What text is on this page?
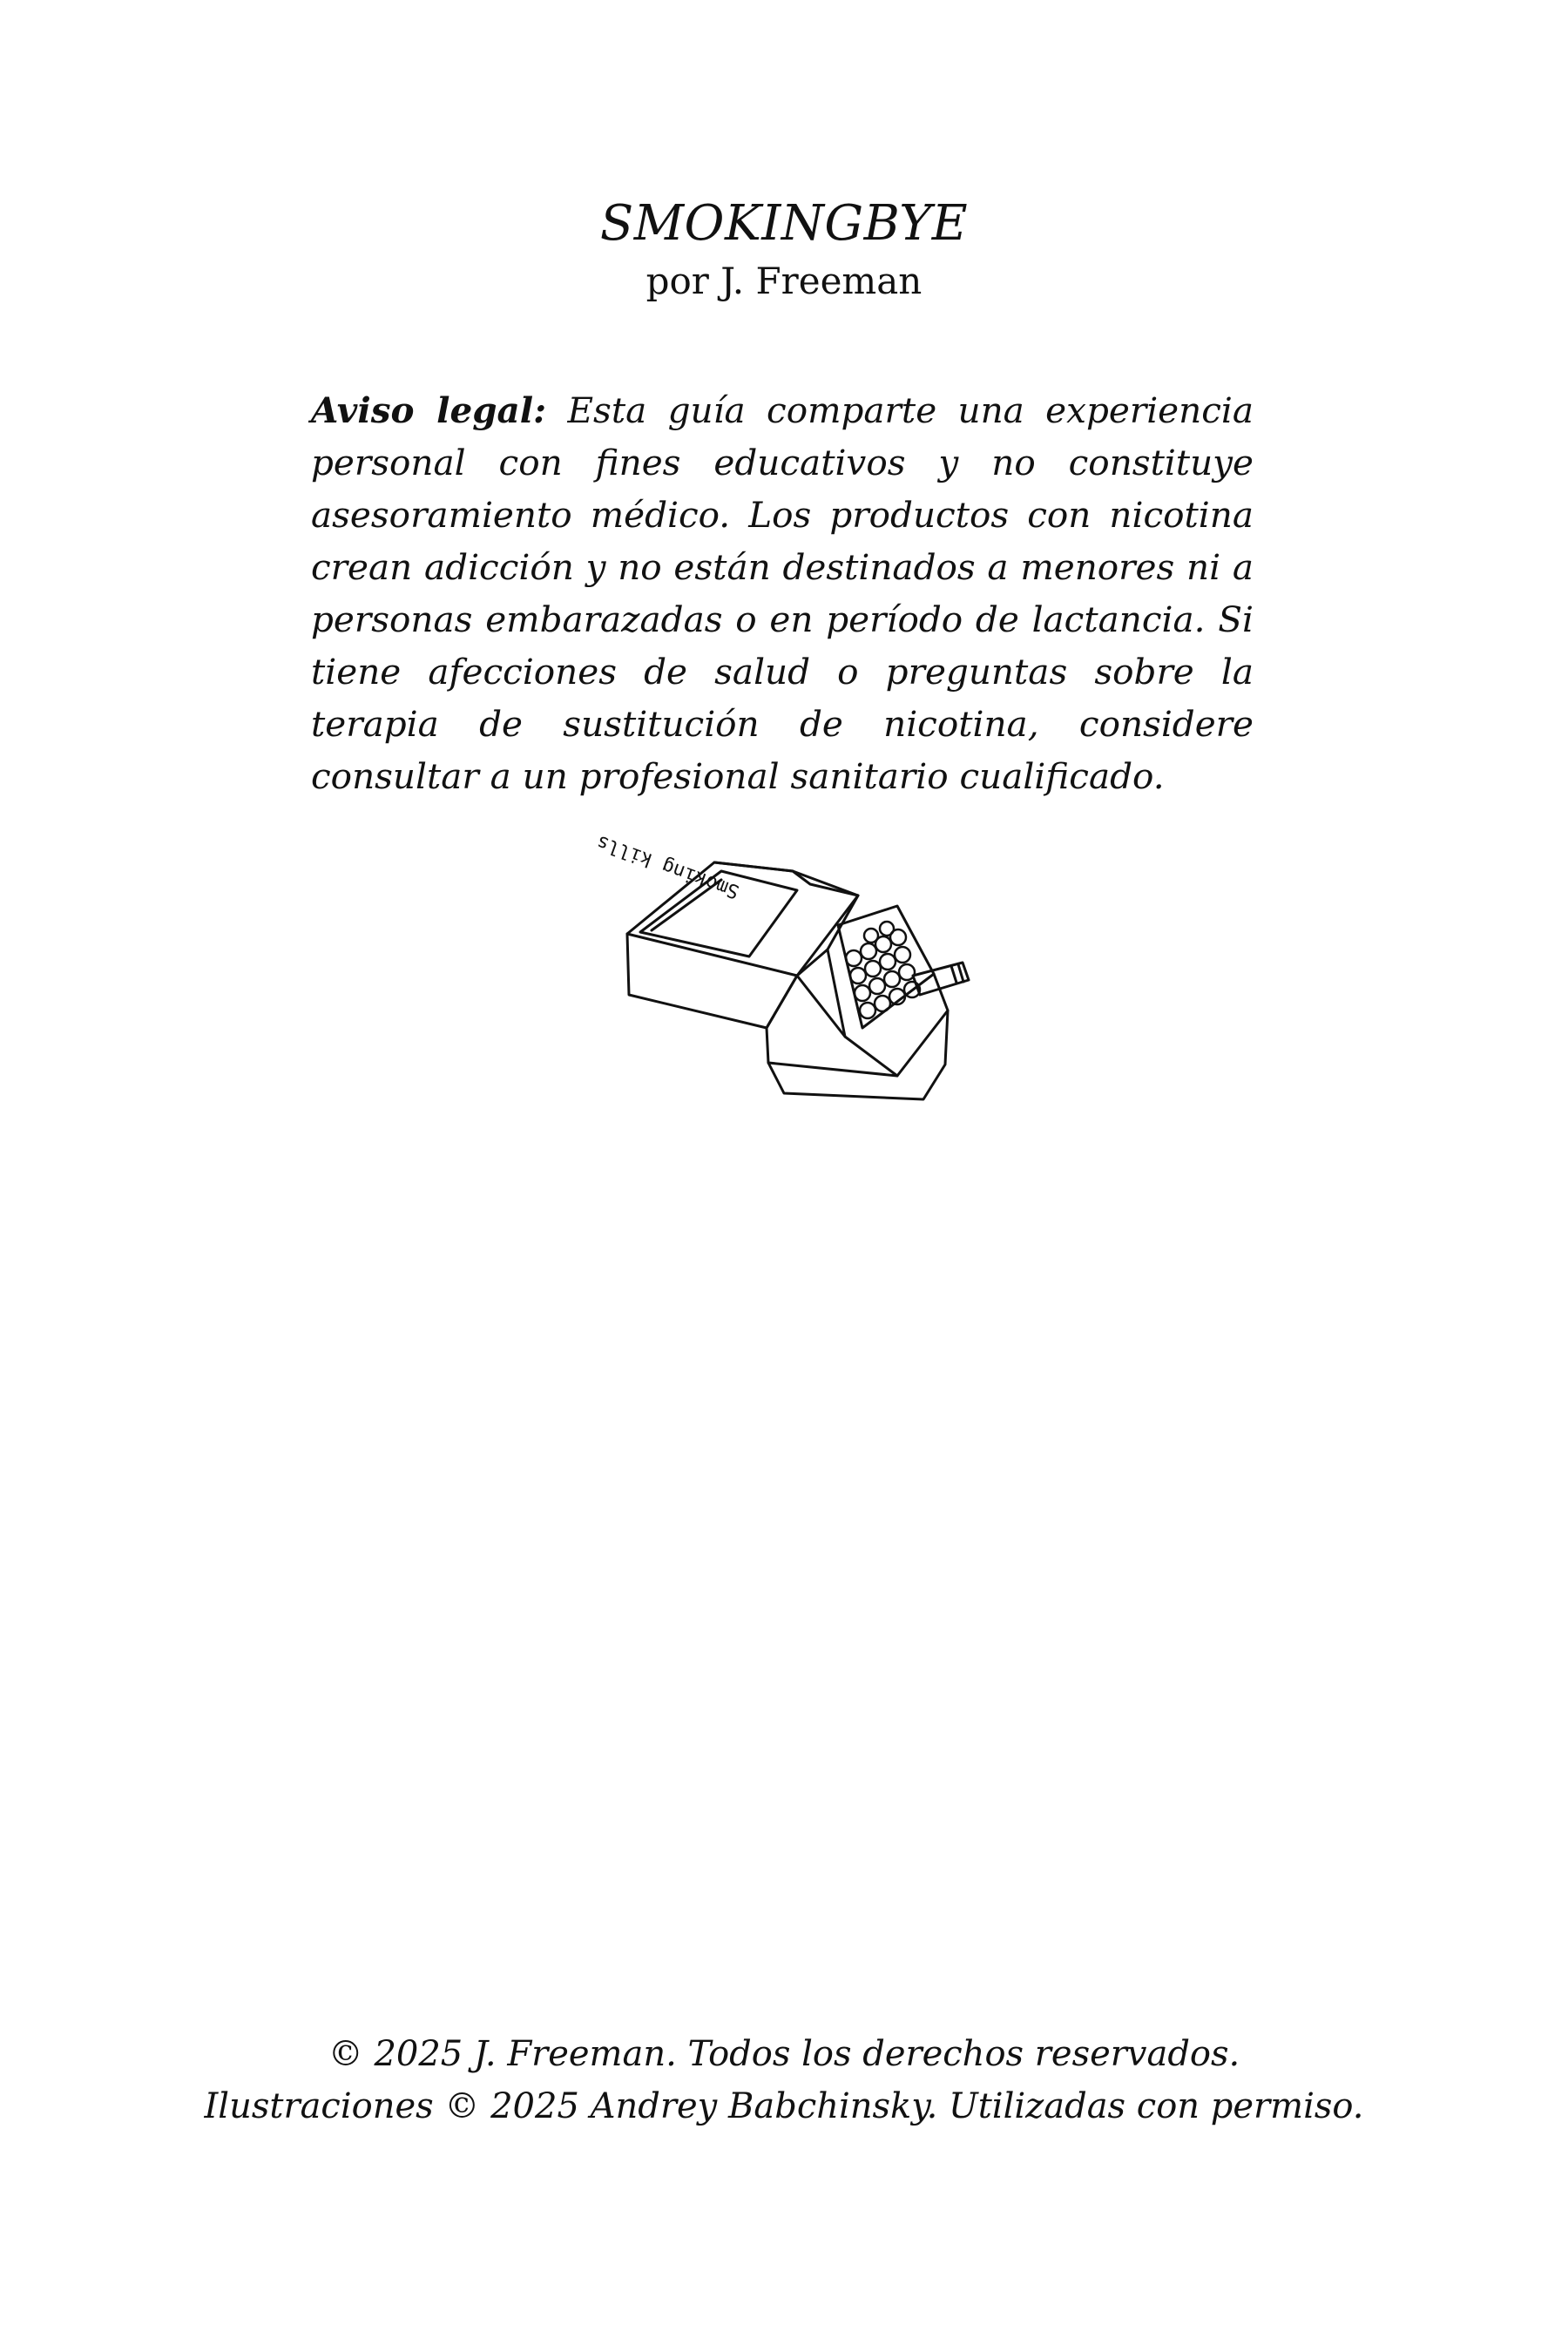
SMOKINGBYE
por J. Freeman

Aviso legal: Esta guía comparte una experiencia personal con fines educativos y no constituye asesoramiento médico. Los productos con nicotina crean adicción y no están destinados a menores ni a personas embarazadas o en período de lactancia. Si tiene afecciones de salud o preguntas sobre la terapia de sustitución de nicotina, considere consultar a un profesional sanitario cualificado.

Smoking kills
© 2025 J. Freeman. Todos los derechos reservados.
Ilustraciones © 2025 Andrey Babchinsky. Utilizadas con permiso.
